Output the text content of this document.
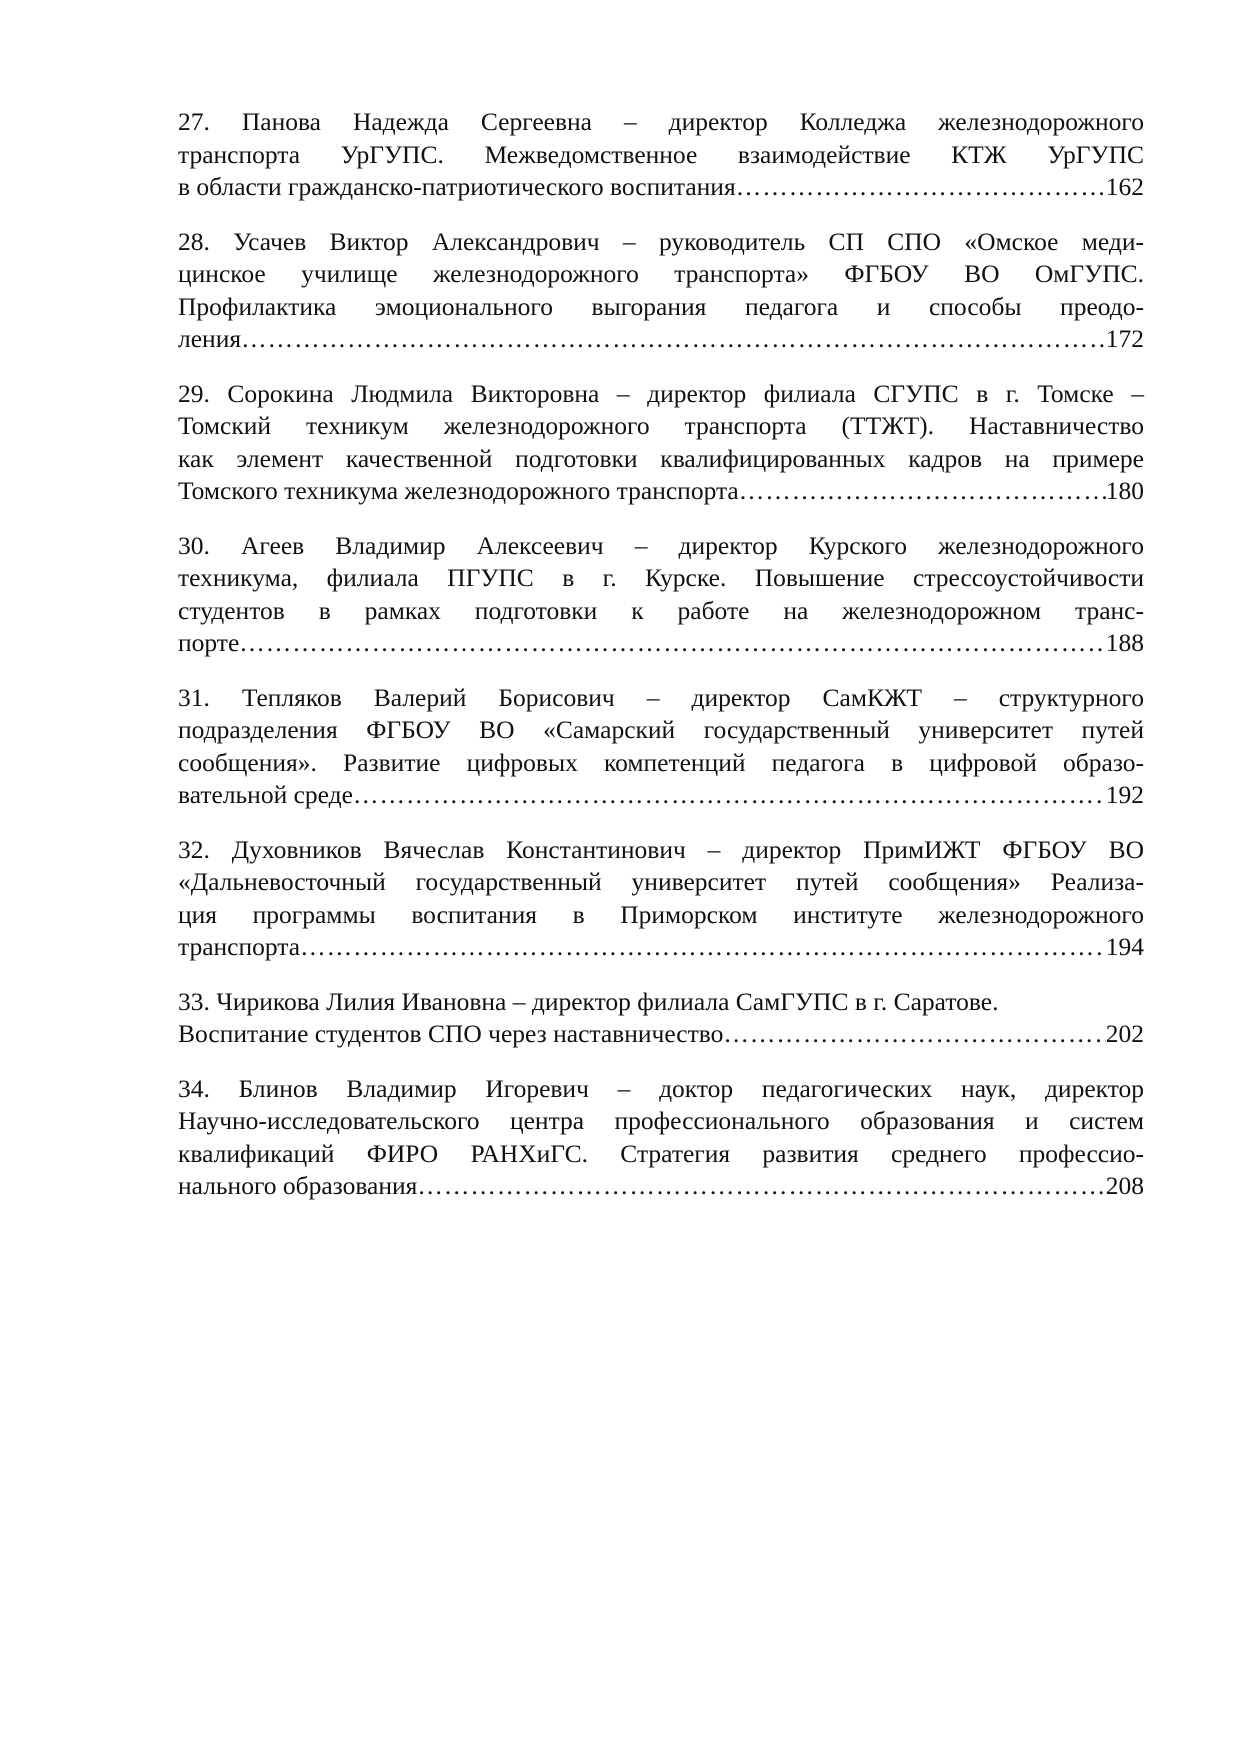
27. Панова Надежда Сергеевна – директор Колледжа железнодорожного
транспорта УрГУПС. Межведомственное взаимодействие КТЖ УрГУПС
в области гражданско-патриотического воспитания ……………………………………………………………………………………………………………………………………………………	162
28. Усачев Виктор Александрович – руководитель СП СПО «Омское меди-
цинское училище железнодорожного транспорта» ФГБОУ ВО ОмГУПС.
Профилактика эмоционального выгорания педагога и способы преодо-
ления ……………………………………………………………………………………………………………………………………………………	172
29. Сорокина Людмила Викторовна – директор филиала СГУПС в г. Томске –
Томский техникум железнодорожного транспорта (ТТЖТ). Наставничество
как элемент качественной подготовки квалифицированных кадров на примере
Томского техникума железнодорожного транспорта ……………………………………………………………………………………………………………………………………………………	180
30. Агеев Владимир Алексеевич – директор Курского железнодорожного
техникума, филиала ПГУПС в г. Курске. Повышение стрессоустойчивости
студентов в рамках подготовки к работе на железнодорожном транс-
порте ……………………………………………………………………………………………………………………………………………………	188
31. Тепляков Валерий Борисович – директор СамКЖТ – структурного
подразделения ФГБОУ ВО «Самарский государственный университет путей
сообщения». Развитие цифровых компетенций педагога в цифровой образо-
вательной среде ……………………………………………………………………………………………………………………………………………………	192
32. Духовников Вячеслав Константинович – директор ПримИЖТ ФГБОУ ВО
«Дальневосточный государственный университет путей сообщения» Реализа-
ция программы воспитания в Приморском институте железнодорожного
транспорта ……………………………………………………………………………………………………………………………………………………	194
33. Чирикова Лилия Ивановна – директор филиала СамГУПС в г. Саратове.
Воспитание студентов СПО через наставничество ……………………………………………………………………………………………………………………………………………………	202
34. Блинов Владимир Игоревич – доктор педагогических наук, директор
Научно-исследовательского центра профессионального образования и систем
квалификаций ФИРО РАНХиГС. Стратегия развития среднего профессио-
нального образования ……………………………………………………………………………………………………………………………………………………	208
